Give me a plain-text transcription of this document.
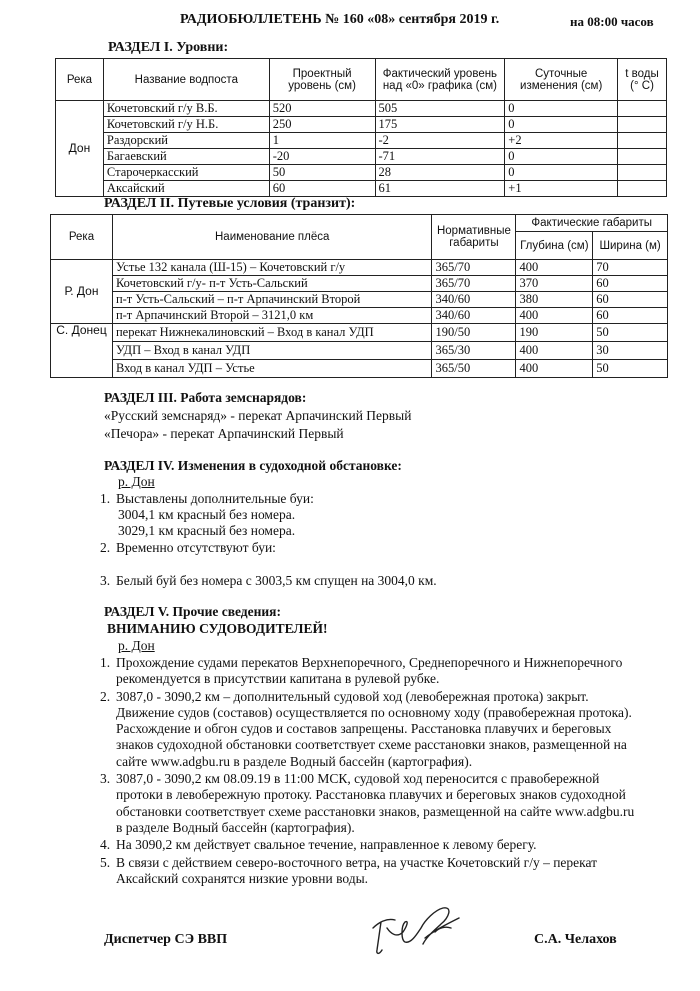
РАДИОБЮЛЛЕТЕНЬ № 160 «08» сентября 2019 г.	на 08:00 часов
РАЗДЕЛ I. Уровни:
Река	Название водпоста	Проектный уровень (см)	Фактический уровень над «0» графика (см)	Суточные изменения (см)	t воды (° С)
Дон	Кочетовский г/у В.Б.	520	505	0	
	Кочетовский г/у Н.Б.	250	175	0	
	Раздорский	1	-2	+2	
	Багаевский	-20	-71	0	
	Старочеркасский	50	28	0	
	Аксайский	60	61	+1	
РАЗДЕЛ II. Путевые условия (транзит):
Река	Наименование плёса	Нормативные габариты	Фактические габариты	
			Глубина (см)	Ширина (м)
Р. Дон	Устье 132 канала (Ш-15) – Кочетовский г/у	365/70	400	70
	Кочетовский г/у- п-т Усть-Сальский	365/70	370	60
	п-т Усть-Сальский – п-т Арпачинский Второй	340/60	380	60
	п-т Арпачинский Второй – 3121,0 км	340/60	400	60
С. Донец	перекат Нижнекалиновский – Вход в канал УДП	190/50	190	50
	УДП – Вход в канал УДП	365/30	400	30
	Вход в канал УДП – Устье	365/50	400	50
РАЗДЕЛ III. Работа земснарядов:
«Русский земснаряд» - перекат Арпачинский Первый
«Печора» - перекат Арпачинский Первый
РАЗДЕЛ IV. Изменения в судоходной обстановке:
р. Дон
1. Выставлены дополнительные буи:
3004,1 км красный без номера.
3029,1 км красный без номера.
2. Временно отсутствуют буи:
3. Белый буй без номера с 3003,5 км спущен на 3004,0 км.
РАЗДЕЛ V. Прочие сведения:
ВНИМАНИЮ СУДОВОДИТЕЛЕЙ!
р. Дон
1. Прохождение судами перекатов Верхнепоречного, Среднепоречного и Нижнепоречного
рекомендуется в присутствии капитана в рулевой рубке.
2. 3087,0 - 3090,2 км – дополнительный судовой ход (левобережная протока) закрыт.
Движение судов (составов) осуществляется по основному ходу (правобережная протока).
Расхождение и обгон судов и составов запрещены. Расстановка плавучих и береговых
знаков судоходной обстановки соответствует схеме расстановки знаков, размещенной на
сайте www.adgbu.ru в разделе Водный бассейн (картография).
3. 3087,0 - 3090,2 км 08.09.19 в 11:00 МСК, судовой ход переносится с правобережной
протоки в левобережную протоку. Расстановка плавучих и береговых знаков судоходной
обстановки соответствует схеме расстановки знаков, размещенной на сайте www.adgbu.ru
в разделе Водный бассейн (картография).
4. На 3090,2 км действует свальное течение, направленное к левому берегу.
5. В связи с действием северо-восточного ветра, на участке Кочетовский г/у – перекат
Аксайский сохранятся низкие уровни воды.
Диспетчер СЭ ВВП	С.А. Челахов
